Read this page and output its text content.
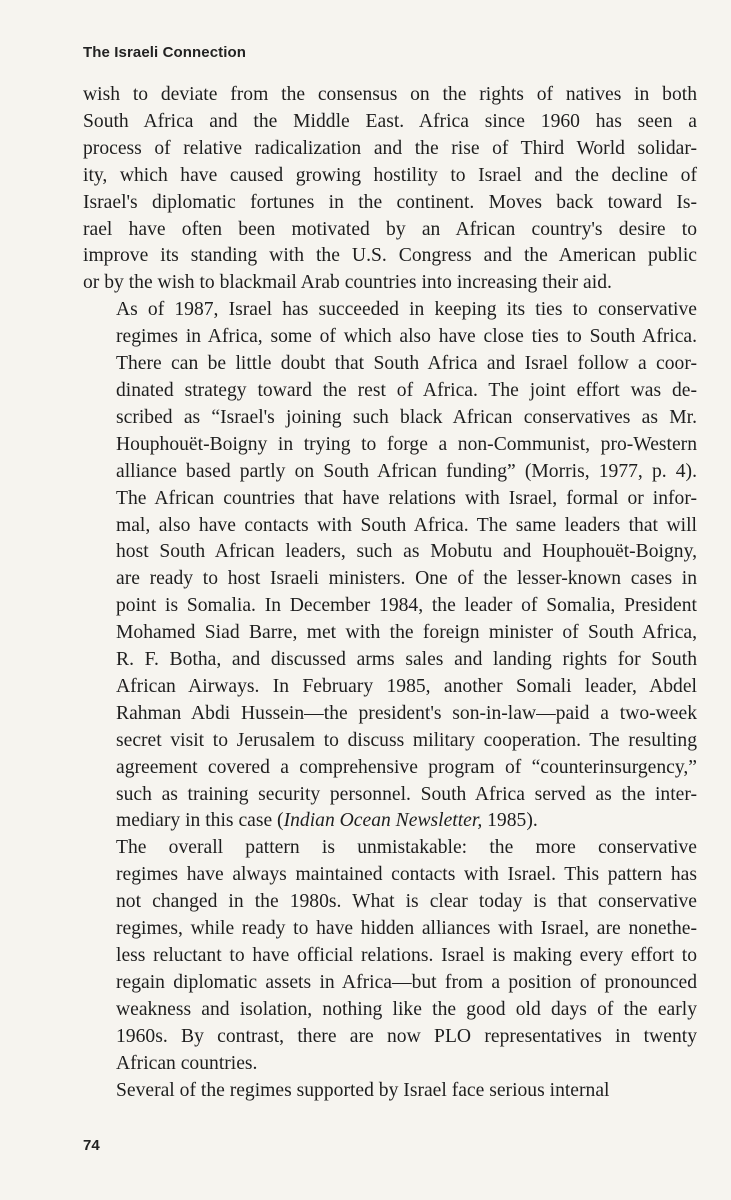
The Israeli Connection

wish to deviate from the consensus on the rights of natives in both
South Africa and the Middle East. Africa since 1960 has seen a
process of relative radicalization and the rise of Third World solidar-
ity, which have caused growing hostility to Israel and the decline of
Israel's diplomatic fortunes in the continent. Moves back toward Is-
rael have often been motivated by an African country's desire to
improve its standing with the U.S. Congress and the American public
or by the wish to blackmail Arab countries into increasing their aid.

As of 1987, Israel has succeeded in keeping its ties to conservative
regimes in Africa, some of which also have close ties to South Africa.
There can be little doubt that South Africa and Israel follow a coor-
dinated strategy toward the rest of Africa. The joint effort was de-
scribed as “Israel's joining such black African conservatives as Mr.
Houphouët-Boigny in trying to forge a non-Communist, pro-Western
alliance based partly on South African funding” (Morris, 1977, p. 4).
The African countries that have relations with Israel, formal or infor-
mal, also have contacts with South Africa. The same leaders that will
host South African leaders, such as Mobutu and Houphouët-Boigny,
are ready to host Israeli ministers. One of the lesser-known cases in
point is Somalia. In December 1984, the leader of Somalia, President
Mohamed Siad Barre, met with the foreign minister of South Africa,
R. F. Botha, and discussed arms sales and landing rights for South
African Airways. In February 1985, another Somali leader, Abdel
Rahman Abdi Hussein—the president's son-in-law—paid a two-week
secret visit to Jerusalem to discuss military cooperation. The resulting
agreement covered a comprehensive program of “counterinsurgency,”
such as training security personnel. South Africa served as the inter-
mediary in this case (Indian Ocean Newsletter, 1985).

The overall pattern is unmistakable: the more conservative
regimes have always maintained contacts with Israel. This pattern has
not changed in the 1980s. What is clear today is that conservative
regimes, while ready to have hidden alliances with Israel, are nonethe-
less reluctant to have official relations. Israel is making every effort to
regain diplomatic assets in Africa—but from a position of pronounced
weakness and isolation, nothing like the good old days of the early
1960s. By contrast, there are now PLO representatives in twenty
African countries.

Several of the regimes supported by Israel face serious internal

74
